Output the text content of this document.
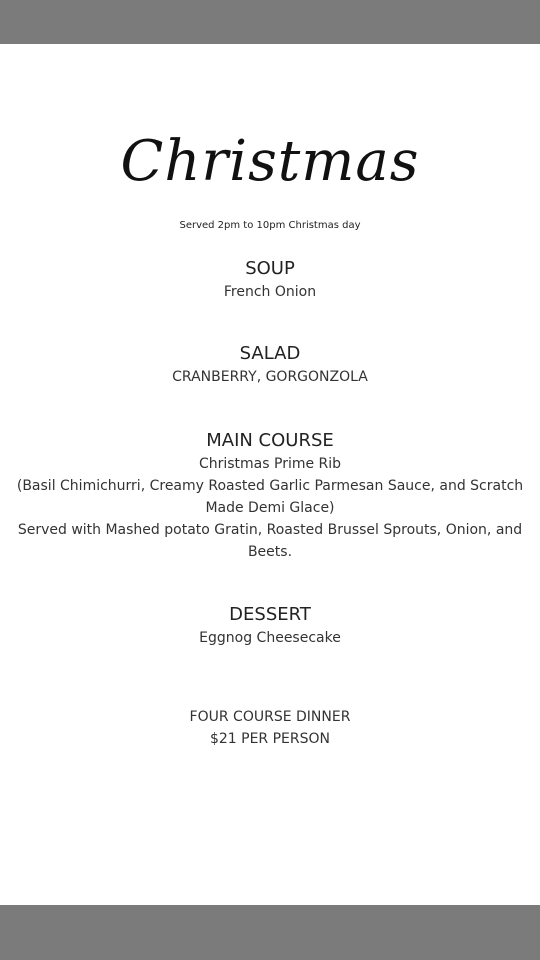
Christmas
Served 2pm to 10pm Christmas day
SOUP
French Onion
SALAD
CRANBERRY, GORGONZOLA
MAIN COURSE
Christmas Prime Rib
(Basil Chimichurri, Creamy Roasted Garlic Parmesan Sauce, and Scratch
Made Demi Glace)
Served with Mashed potato Gratin, Roasted Brussel Sprouts, Onion, and
Beets.
DESSERT
Eggnog Cheesecake
FOUR COURSE DINNER
$21 PER PERSON
